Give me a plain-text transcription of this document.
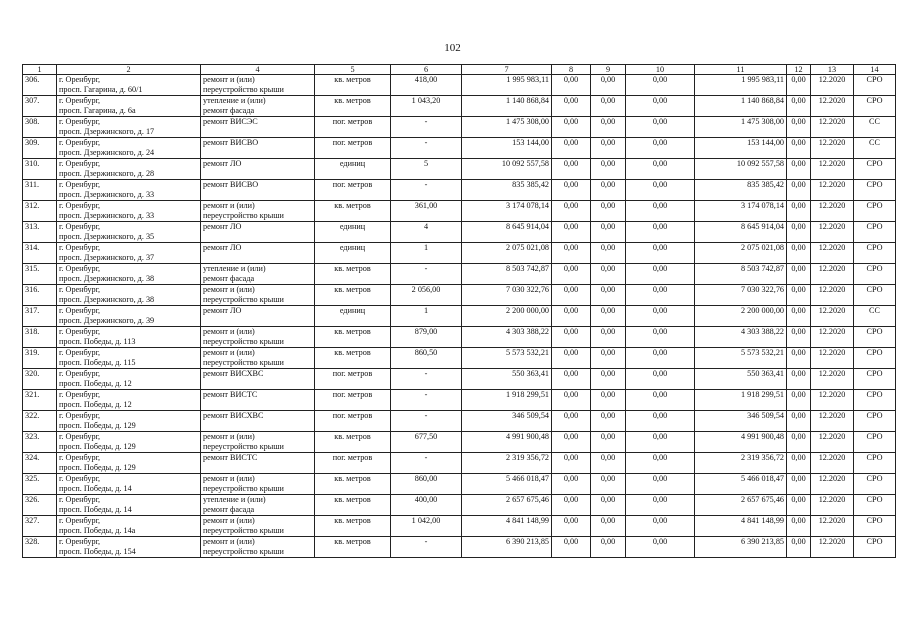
102
1	2	4	5	6	7	8	9	10	11	12	13	14
306.	г. Оренбург,
просп. Гагарина, д. 60/1	ремонт и (или)
переустройство крыши	кв. метров	418,00	1 995 983,11	0,00	0,00	0,00	1 995 983,11	0,00	12.2020	СРО
307.	г. Оренбург,
просп. Гагарина, д. 6а	утепление и (или)
ремонт фасада	кв. метров	1 043,20	1 140 868,84	0,00	0,00	0,00	1 140 868,84	0,00	12.2020	СРО
308.	г. Оренбург,
просп. Дзержинского, д. 17	ремонт ВИСЭС	пог. метров	-	1 475 308,00	0,00	0,00	0,00	1 475 308,00	0,00	12.2020	СС
309.	г. Оренбург,
просп. Дзержинского, д. 24	ремонт ВИСВО	пог. метров	-	153 144,00	0,00	0,00	0,00	153 144,00	0,00	12.2020	СС
310.	г. Оренбург,
просп. Дзержинского, д. 28	ремонт ЛО	единиц	5	10 092 557,58	0,00	0,00	0,00	10 092 557,58	0,00	12.2020	СРО
311.	г. Оренбург,
просп. Дзержинского, д. 33	ремонт ВИСВО	пог. метров	-	835 385,42	0,00	0,00	0,00	835 385,42	0,00	12.2020	СРО
312.	г. Оренбург,
просп. Дзержинского, д. 33	ремонт и (или)
переустройство крыши	кв. метров	361,00	3 174 078,14	0,00	0,00	0,00	3 174 078,14	0,00	12.2020	СРО
313.	г. Оренбург,
просп. Дзержинского, д. 35	ремонт ЛО	единиц	4	8 645 914,04	0,00	0,00	0,00	8 645 914,04	0,00	12.2020	СРО
314.	г. Оренбург,
просп. Дзержинского, д. 37	ремонт ЛО	единиц	1	2 075 021,08	0,00	0,00	0,00	2 075 021,08	0,00	12.2020	СРО
315.	г. Оренбург,
просп. Дзержинского, д. 38	утепление и (или)
ремонт фасада	кв. метров	-	8 503 742,87	0,00	0,00	0,00	8 503 742,87	0,00	12.2020	СРО
316.	г. Оренбург,
просп. Дзержинского, д. 38	ремонт и (или)
переустройство крыши	кв. метров	2 056,00	7 030 322,76	0,00	0,00	0,00	7 030 322,76	0,00	12.2020	СРО
317.	г. Оренбург,
просп. Дзержинского, д. 39	ремонт ЛО	единиц	1	2 200 000,00	0,00	0,00	0,00	2 200 000,00	0,00	12.2020	СС
318.	г. Оренбург,
просп. Победы, д. 113	ремонт и (или)
переустройство крыши	кв. метров	879,00	4 303 388,22	0,00	0,00	0,00	4 303 388,22	0,00	12.2020	СРО
319.	г. Оренбург,
просп. Победы, д. 115	ремонт и (или)
переустройство крыши	кв. метров	860,50	5 573 532,21	0,00	0,00	0,00	5 573 532,21	0,00	12.2020	СРО
320.	г. Оренбург,
просп. Победы, д. 12	ремонт ВИСХВС	пог. метров	-	550 363,41	0,00	0,00	0,00	550 363,41	0,00	12.2020	СРО
321.	г. Оренбург,
просп. Победы, д. 12	ремонт ВИСТС	пог. метров	-	1 918 299,51	0,00	0,00	0,00	1 918 299,51	0,00	12.2020	СРО
322.	г. Оренбург,
просп. Победы, д. 129	ремонт ВИСХВС	пог. метров	-	346 509,54	0,00	0,00	0,00	346 509,54	0,00	12.2020	СРО
323.	г. Оренбург,
просп. Победы, д. 129	ремонт и (или)
переустройство крыши	кв. метров	677,50	4 991 900,48	0,00	0,00	0,00	4 991 900,48	0,00	12.2020	СРО
324.	г. Оренбург,
просп. Победы, д. 129	ремонт ВИСТС	пог. метров	-	2 319 356,72	0,00	0,00	0,00	2 319 356,72	0,00	12.2020	СРО
325.	г. Оренбург,
просп. Победы, д. 14	ремонт и (или)
переустройство крыши	кв. метров	860,00	5 466 018,47	0,00	0,00	0,00	5 466 018,47	0,00	12.2020	СРО
326.	г. Оренбург,
просп. Победы, д. 14	утепление и (или)
ремонт фасада	кв. метров	400,00	2 657 675,46	0,00	0,00	0,00	2 657 675,46	0,00	12.2020	СРО
327.	г. Оренбург,
просп. Победы, д. 14а	ремонт и (или)
переустройство крыши	кв. метров	1 042,00	4 841 148,99	0,00	0,00	0,00	4 841 148,99	0,00	12.2020	СРО
328.	г. Оренбург,
просп. Победы, д. 154	ремонт и (или)
переустройство крыши	кв. метров	-	6 390 213,85	0,00	0,00	0,00	6 390 213,85	0,00	12.2020	СРО
